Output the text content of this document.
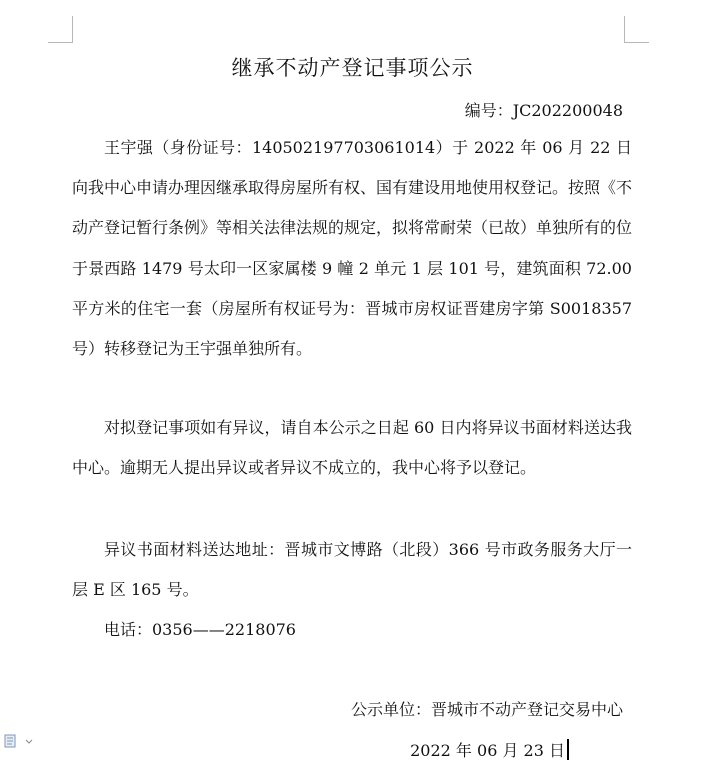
继承不动产登记事项公示
编号：JC202200048

王宇强（身份证号：140502197703061014）于 2022 年 06 月 22 日向我中心申请办理因继承取得房屋所有权、国有建设用地使用权登记。按照《不动产登记暂行条例》等相关法律法规的规定，拟将常耐荣（已故）单独所有的位于景西路 1479 号太印一区家属楼 9 幢 2 单元 1 层 101 号，建筑面积 72.00 平方米的住宅一套（房屋所有权证号为：晋城市房权证晋建房字第 S0018357 号）转移登记为王宇强单独所有。

对拟登记事项如有异议，请自本公示之日起 60 日内将异议书面材料送达我中心。逾期无人提出异议或者异议不成立的，我中心将予以登记。

异议书面材料送达地址：晋城市文博路（北段）366 号市政务服务大厅一层 E 区 165 号。

电话：0356——2218076

公示单位：晋城市不动产登记交易中心
2022 年 06 月 23 日
